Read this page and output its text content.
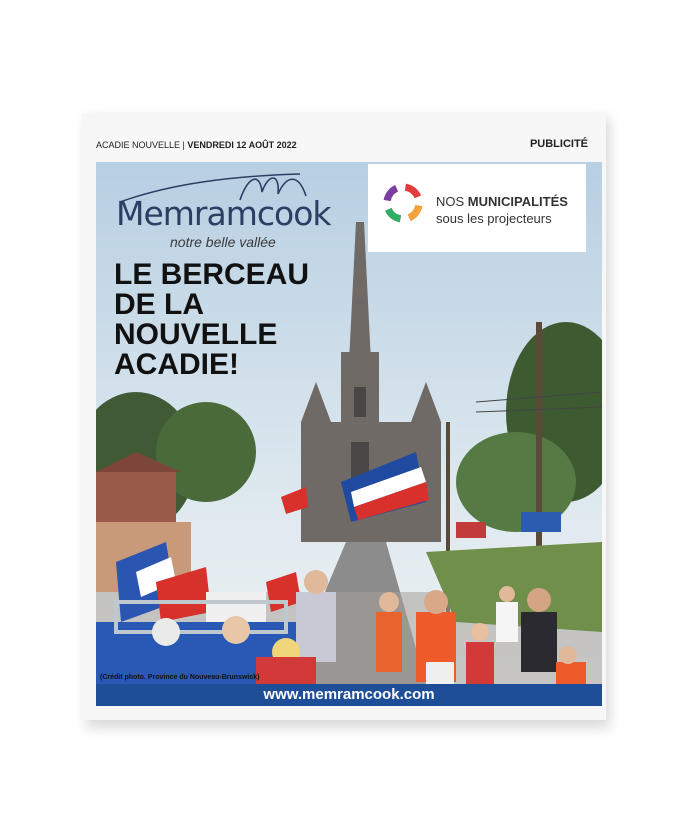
ACADIE NOUVELLE | VENDREDI 12 AOÛT 2022	PUBLICITÉ
Memramcook
notre belle vallée
NOS MUNICIPALITÉS
sous les projecteurs
LE BERCEAU
DE LA
NOUVELLE
ACADIE!
(Crédit photo. Province du Nouveau-Brunswick)
www.memramcook.com
